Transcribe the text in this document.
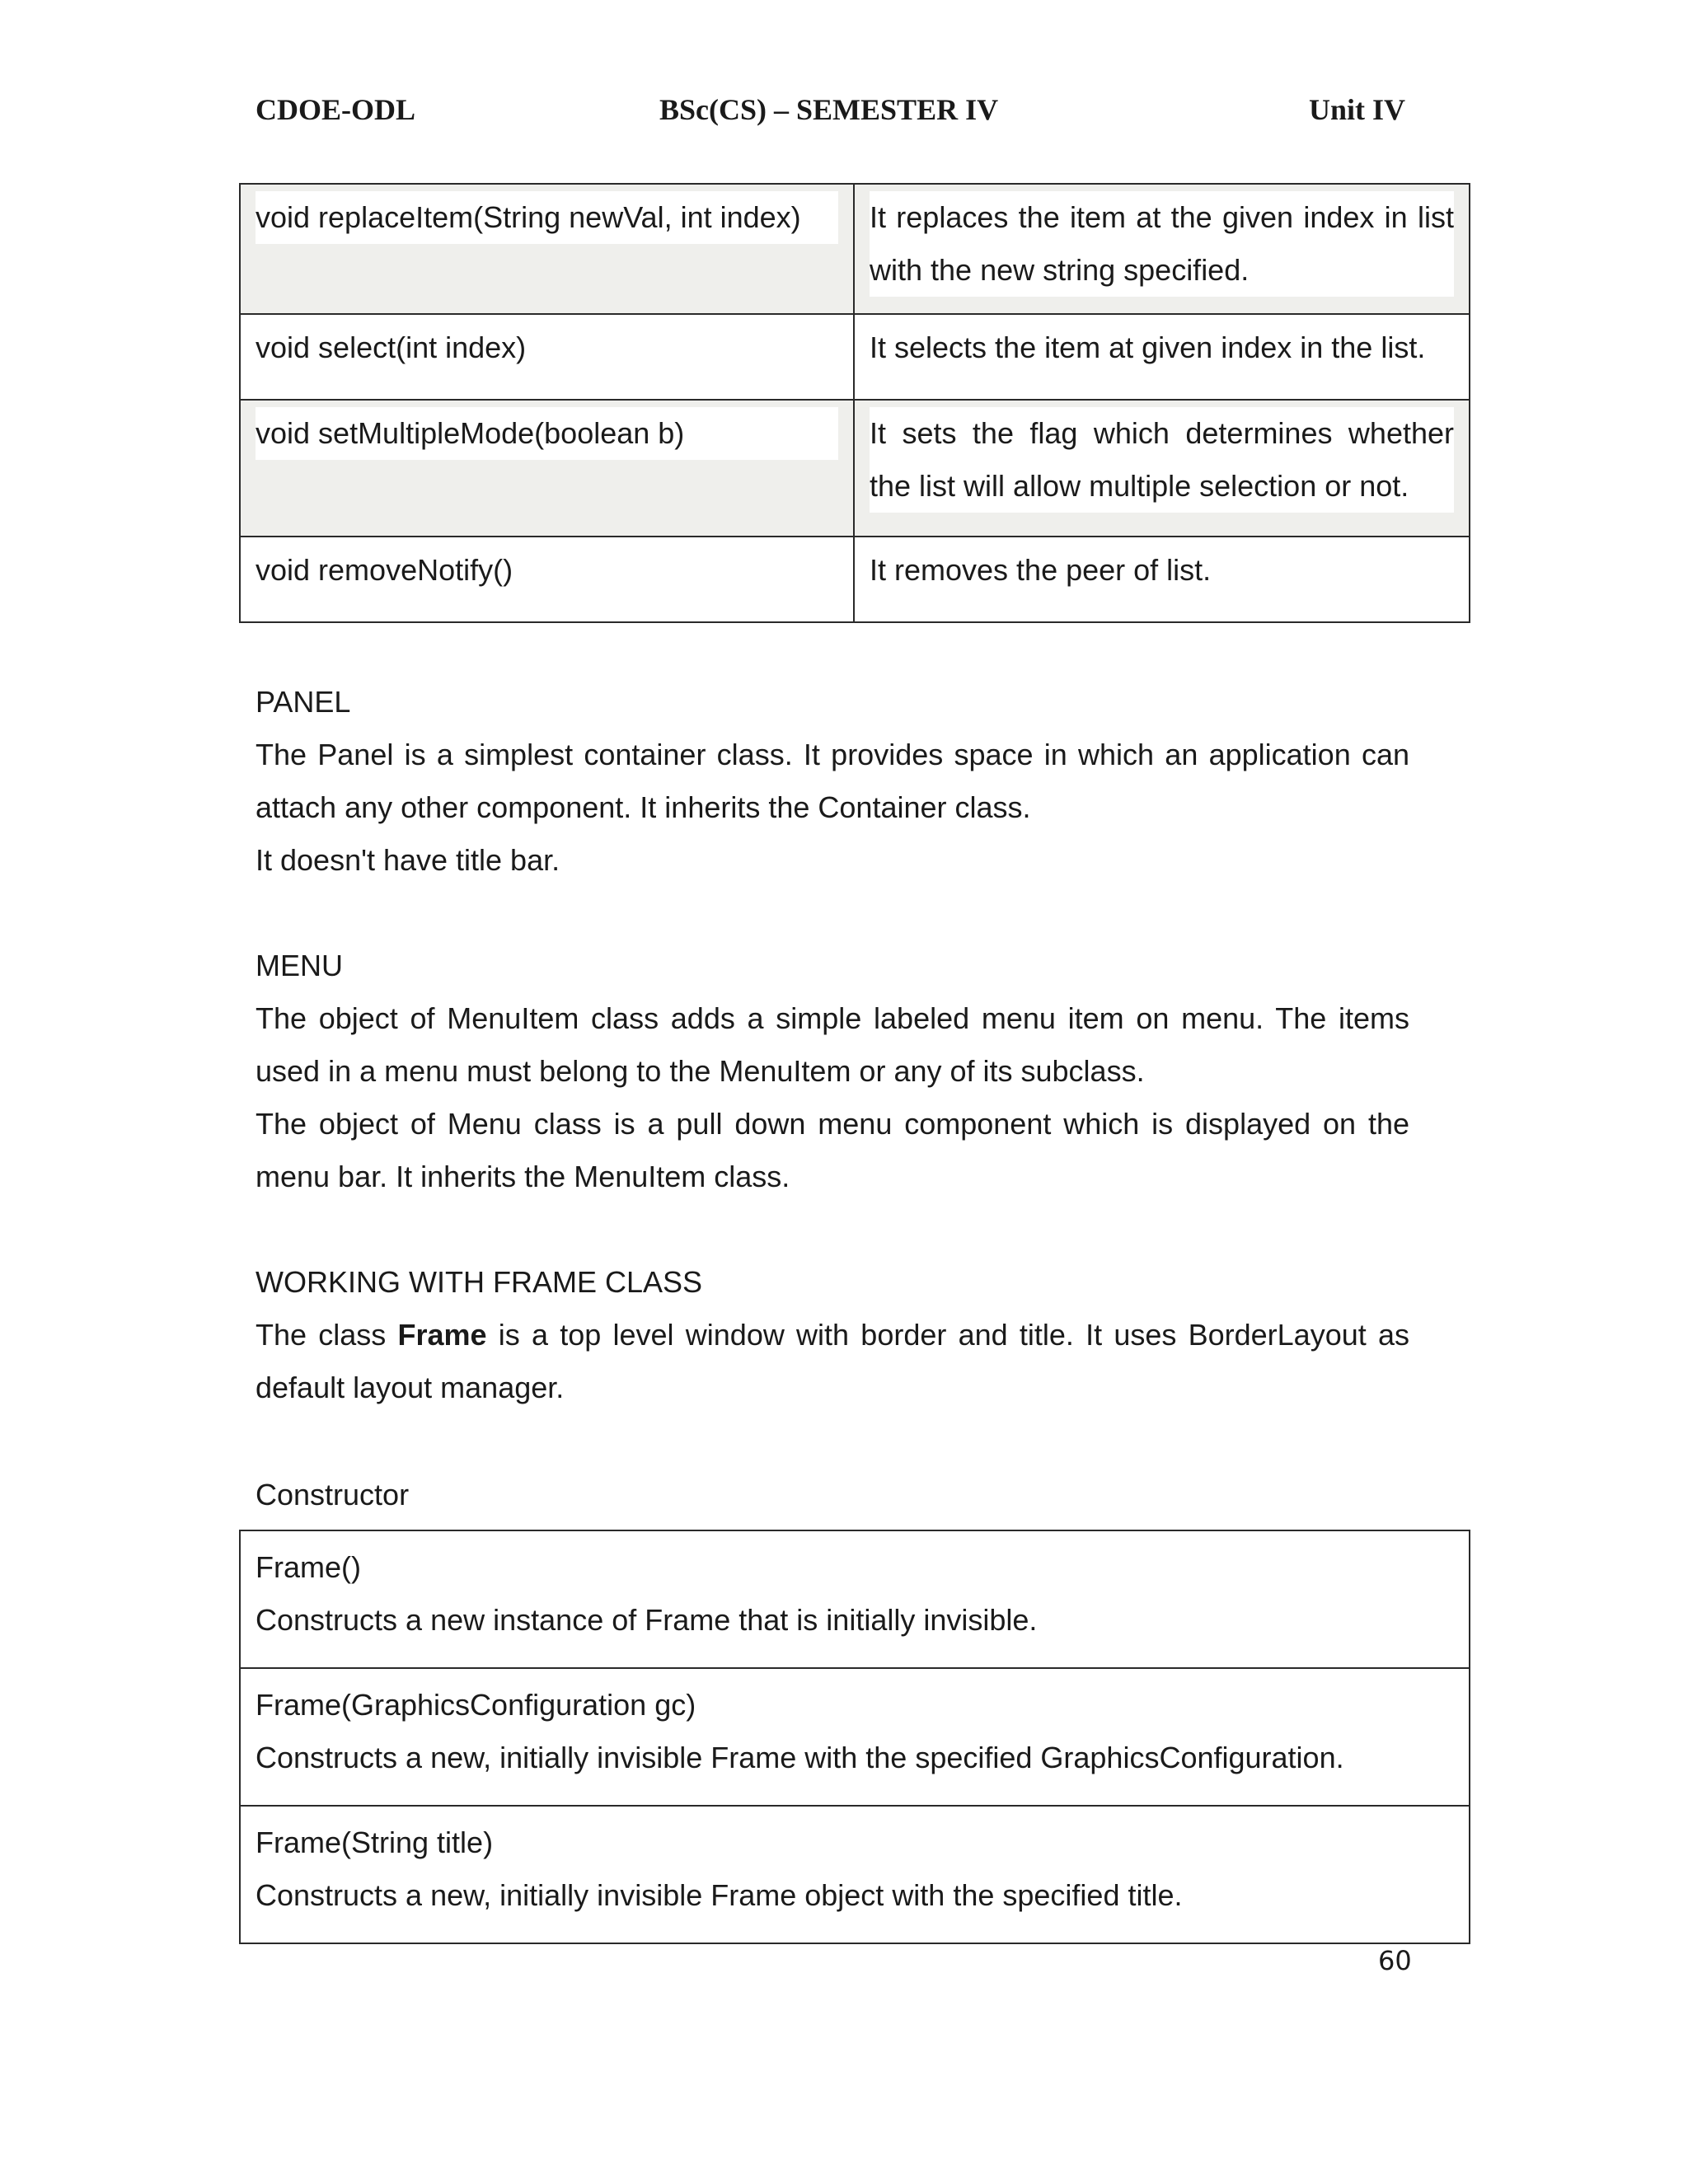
CDOE-ODL	BSc(CS) – SEMESTER IV	Unit IV
void replaceItem(String newVal, int index)	It replaces the item at the given index in list with the new string specified.

void select(int index)	It selects the item at given index in the list.

void setMultipleMode(boolean b)	It sets the flag which determines whether the list will allow multiple selection or not.

void removeNotify()	It removes the peer of list.

PANEL

The Panel is a simplest container class. It provides space in which an application can attach any other component. It inherits the Container class.

It doesn't have title bar.

MENU

The object of MenuItem class adds a simple labeled menu item on menu. The items used in a menu must belong to the MenuItem or any of its subclass.

The object of Menu class is a pull down menu component which is displayed on the menu bar. It inherits the MenuItem class.

WORKING WITH FRAME CLASS

The class Frame is a top level window with border and title. It uses BorderLayout as default layout manager.

Constructor

Frame()
Constructs a new instance of Frame that is initially invisible.

Frame(GraphicsConfiguration gc)
Constructs a new, initially invisible Frame with the specified GraphicsConfiguration.

Frame(String title)
Constructs a new, initially invisible Frame object with the specified title.
60
